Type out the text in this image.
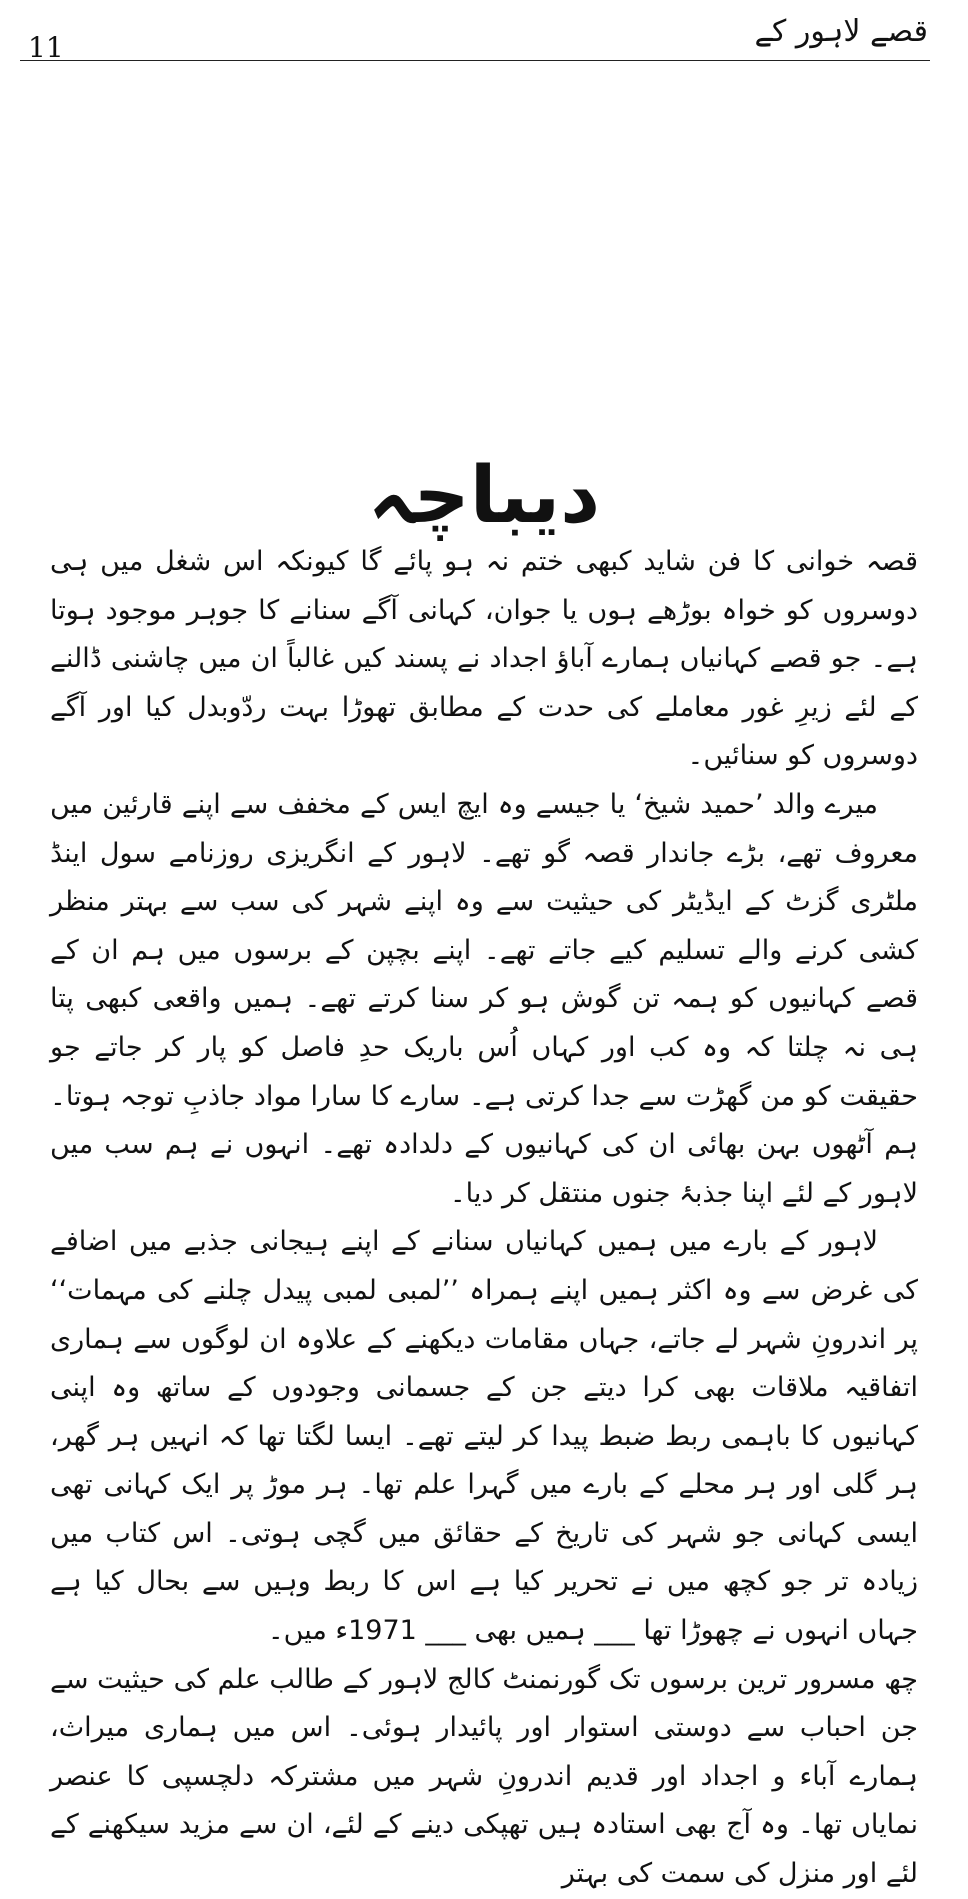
قصے لاہور کے
11
دیباچہ

قصہ خوانی کا فن شاید کبھی ختم نہ ہو پائے گا کیونکہ اس شغل میں ہی دوسروں کو خواہ بوڑھے ہوں یا جوان، کہانی آگے سنانے کا جوہر موجود ہوتا ہے۔ جو قصے کہانیاں ہمارے آباؤ اجداد نے پسند کیں غالباً ان میں چاشنی ڈالنے کے لئے زیرِ غور معاملے کی حدت کے مطابق تھوڑا بہت ردّوبدل کیا اور آگے دوسروں کو سنائیں۔

میرے والد ’حمید شیخ‘ یا جیسے وہ ایچ ایس کے مخفف سے اپنے قارئین میں معروف تھے، بڑے جاندار قصہ گو تھے۔ لاہور کے انگریزی روزنامے سول اینڈ ملٹری گزٹ کے ایڈیٹر کی حیثیت سے وہ اپنے شہر کی سب سے بہتر منظر کشی کرنے والے تسلیم کیے جاتے تھے۔ اپنے بچپن کے برسوں میں ہم ان کے قصے کہانیوں کو ہمہ تن گوش ہو کر سنا کرتے تھے۔ ہمیں واقعی کبھی پتا ہی نہ چلتا کہ وہ کب اور کہاں اُس باریک حدِ فاصل کو پار کر جاتے جو حقیقت کو من گھڑت سے جدا کرتی ہے۔ سارے کا سارا مواد جاذبِ توجہ ہوتا۔ ہم آٹھوں بہن بھائی ان کی کہانیوں کے دلدادہ تھے۔ انہوں نے ہم سب میں لاہور کے لئے اپنا جذبۂ جنوں منتقل کر دیا۔

لاہور کے بارے میں ہمیں کہانیاں سنانے کے اپنے ہیجانی جذبے میں اضافے کی غرض سے وہ اکثر ہمیں اپنے ہمراہ ’’لمبی لمبی پیدل چلنے کی مہمات‘‘ پر اندرونِ شہر لے جاتے، جہاں مقامات دیکھنے کے علاوہ ان لوگوں سے ہماری اتفاقیہ ملاقات بھی کرا دیتے جن کے جسمانی وجودوں کے ساتھ وہ اپنی کہانیوں کا باہمی ربط ضبط پیدا کر لیتے تھے۔ ایسا لگتا تھا کہ انہیں ہر گھر، ہر گلی اور ہر محلے کے بارے میں گہرا علم تھا۔ ہر موڑ پر ایک کہانی تھی ایسی کہانی جو شہر کی تاریخ کے حقائق میں گچی ہوتی۔ اس کتاب میں زیادہ تر جو کچھ میں نے تحریر کیا ہے اس کا ربط وہیں سے بحال کیا ہے جہاں انہوں نے چھوڑا تھا ___ ہمیں بھی ___ 1971ء میں۔

چھ مسرور ترین برسوں تک گورنمنٹ کالج لاہور کے طالب علم کی حیثیت سے جن احباب سے دوستی استوار اور پائیدار ہوئی۔ اس میں ہماری میراث، ہمارے آباء و اجداد اور قدیم اندرونِ شہر میں مشترکہ دلچسپی کا عنصر نمایاں تھا۔ وہ آج بھی استادہ ہیں تھپکی دینے کے لئے، ان سے مزید سیکھنے کے لئے اور منزل کی سمت کی بہتر
